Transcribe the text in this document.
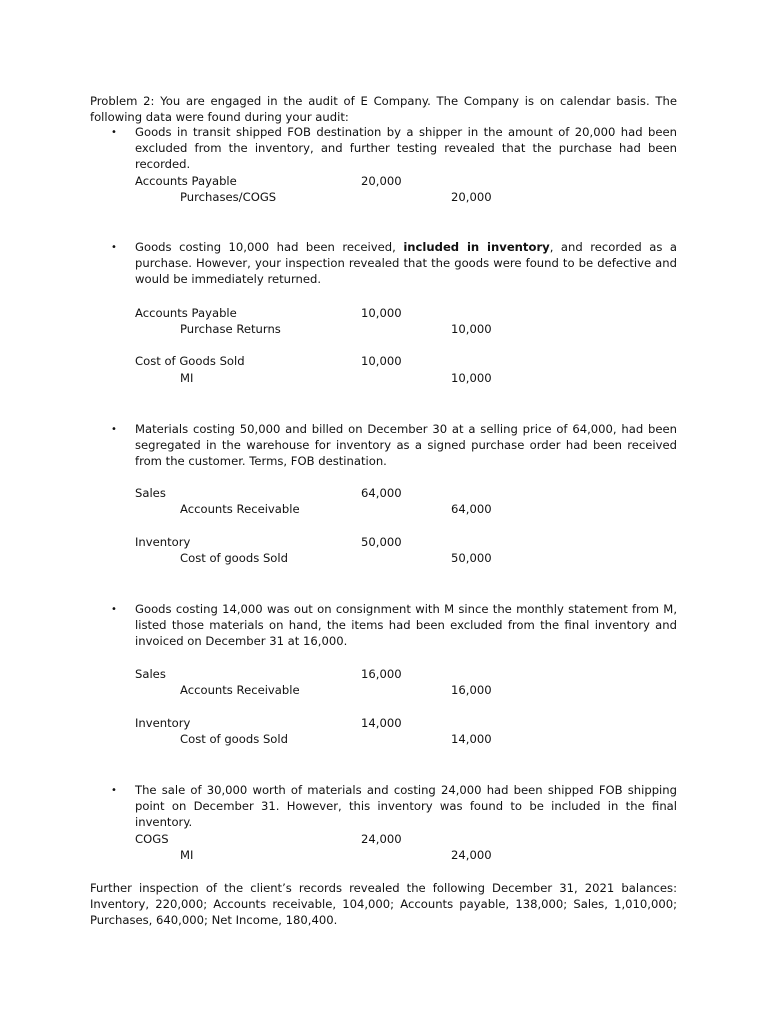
Problem 2: You are engaged in the audit of E Company. The Company is on calendar basis. The following data were found during your audit:
• Goods in transit shipped FOB destination by a shipper in the amount of 20,000 had been excluded from the inventory, and further testing revealed that the purchase had been recorded.
Accounts Payable	20,000
Purchases/COGS	20,000
• Goods costing 10,000 had been received, included in inventory, and recorded as a purchase. However, your inspection revealed that the goods were found to be defective and would be immediately returned.
Accounts Payable	10,000
Purchase Returns	10,000
Cost of Goods Sold	10,000
MI	10,000
• Materials costing 50,000 and billed on December 30 at a selling price of 64,000, had been segregated in the warehouse for inventory as a signed purchase order had been received from the customer. Terms, FOB destination.
Sales	64,000
Accounts Receivable	64,000
Inventory	50,000
Cost of goods Sold	50,000
• Goods costing 14,000 was out on consignment with M since the monthly statement from M, listed those materials on hand, the items had been excluded from the final inventory and invoiced on December 31 at 16,000.
Sales	16,000
Accounts Receivable	16,000
Inventory	14,000
Cost of goods Sold	14,000
• The sale of 30,000 worth of materials and costing 24,000 had been shipped FOB shipping point on December 31. However, this inventory was found to be included in the final inventory.
COGS	24,000
MI	24,000
Further inspection of the client’s records revealed the following December 31, 2021 balances: Inventory, 220,000; Accounts receivable, 104,000; Accounts payable, 138,000; Sales, 1,010,000; Purchases, 640,000; Net Income, 180,400.
